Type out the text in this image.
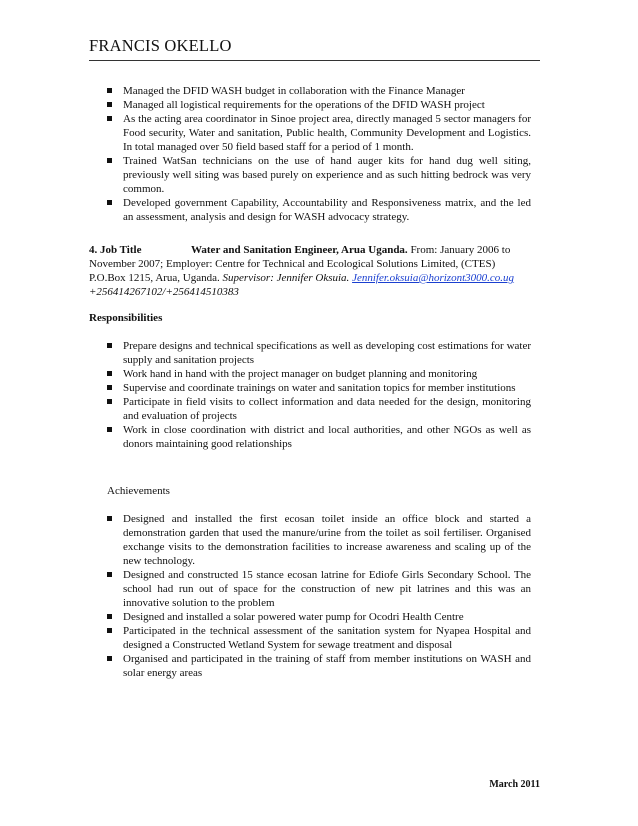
FRANCIS OKELLO
Managed the DFID WASH budget in collaboration with the Finance Manager
Managed all logistical requirements for the operations of the DFID WASH project
As the acting area coordinator in Sinoe project area, directly managed 5 sector managers for Food security, Water and sanitation, Public health, Community Development and Logistics. In total managed over 50 field based staff for a period of 1 month.
Trained WatSan technicians on the use of hand auger kits for hand dug well siting, previously well siting was based purely on experience and as such hitting bedrock was very common.
Developed government Capability, Accountability and Responsiveness matrix, and the led an assessment, analysis and design for WASH advocacy strategy.
4. Job Title	Water and Sanitation Engineer, Arua Uganda. From: January 2006 to November 2007; Employer: Centre for Technical and Ecological Solutions Limited, (CTES) P.O.Box 1215, Arua, Uganda. Supervisor: Jennifer Oksuia. Jennifer.oksuia@horizont3000.co.ug
+256414267102/+256414510383
Responsibilities
Prepare designs and technical specifications as well as developing cost estimations for water supply and sanitation projects
Work hand in hand with the project manager on budget planning and monitoring
Supervise and coordinate trainings on water and sanitation topics for member institutions
Participate in field visits to collect information and data needed for the design, monitoring and evaluation of projects
Work in close coordination with district and local authorities, and other NGOs as well as donors maintaining good relationships
Achievements
Designed and installed the first ecosan toilet inside an office block and started a demonstration garden that used the manure/urine from the toilet as soil fertiliser. Organised exchange visits to the demonstration facilities to increase awareness and scaling up of the new technology.
Designed and constructed 15 stance ecosan latrine for Ediofe Girls Secondary School. The school had run out of space for the construction of new pit latrines and this was an innovative solution to the problem
Designed and installed a solar powered water pump for Ocodri Health Centre
Participated in the technical assessment of the sanitation system for Nyapea Hospital and designed a Constructed Wetland System for sewage treatment and disposal
Organised and participated in the training of staff from member institutions on WASH and solar energy areas
March 2011
